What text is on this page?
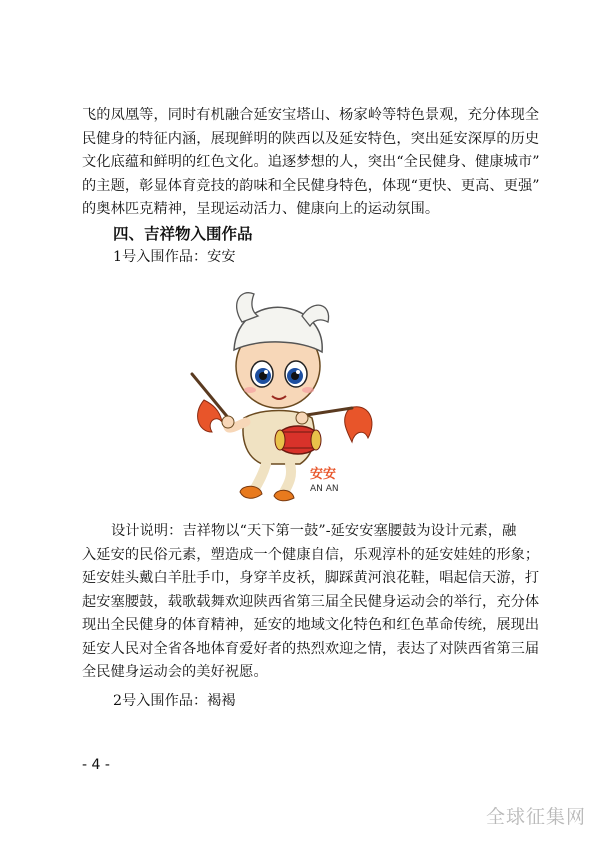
飞的凤凰等，同时有机融合延安宝塔山、杨家岭等特色景观，充分体现全
民健身的特征内涵，展现鲜明的陕西以及延安特色，突出延安深厚的历史
文化底蕴和鲜明的红色文化。追逐梦想的人，突出“全民健身、健康城市”
的主题，彰显体育竞技的韵味和全民健身特色，体现“更快、更高、更强”
的奥林匹克精神，呈现运动活力、健康向上的运动氛围。
四、吉祥物入围作品
1号入围作品：安安
安安
AN AN
设计说明：吉祥物以“天下第一鼓”-延安安塞腰鼓为设计元素，融
入延安的民俗元素，塑造成一个健康自信，乐观淳朴的延安娃娃的形象；
延安娃头戴白羊肚手巾，身穿羊皮袄，脚踩黄河浪花鞋，唱起信天游，打
起安塞腰鼓，载歌载舞欢迎陕西省第三届全民健身运动会的举行，充分体
现出全民健身的体育精神，延安的地域文化特色和红色革命传统，展现出
延安人民对全省各地体育爱好者的热烈欢迎之情，表达了对陕西省第三届
全民健身运动会的美好祝愿。
2号入围作品：褐褐
- 4 -
全球征集网
